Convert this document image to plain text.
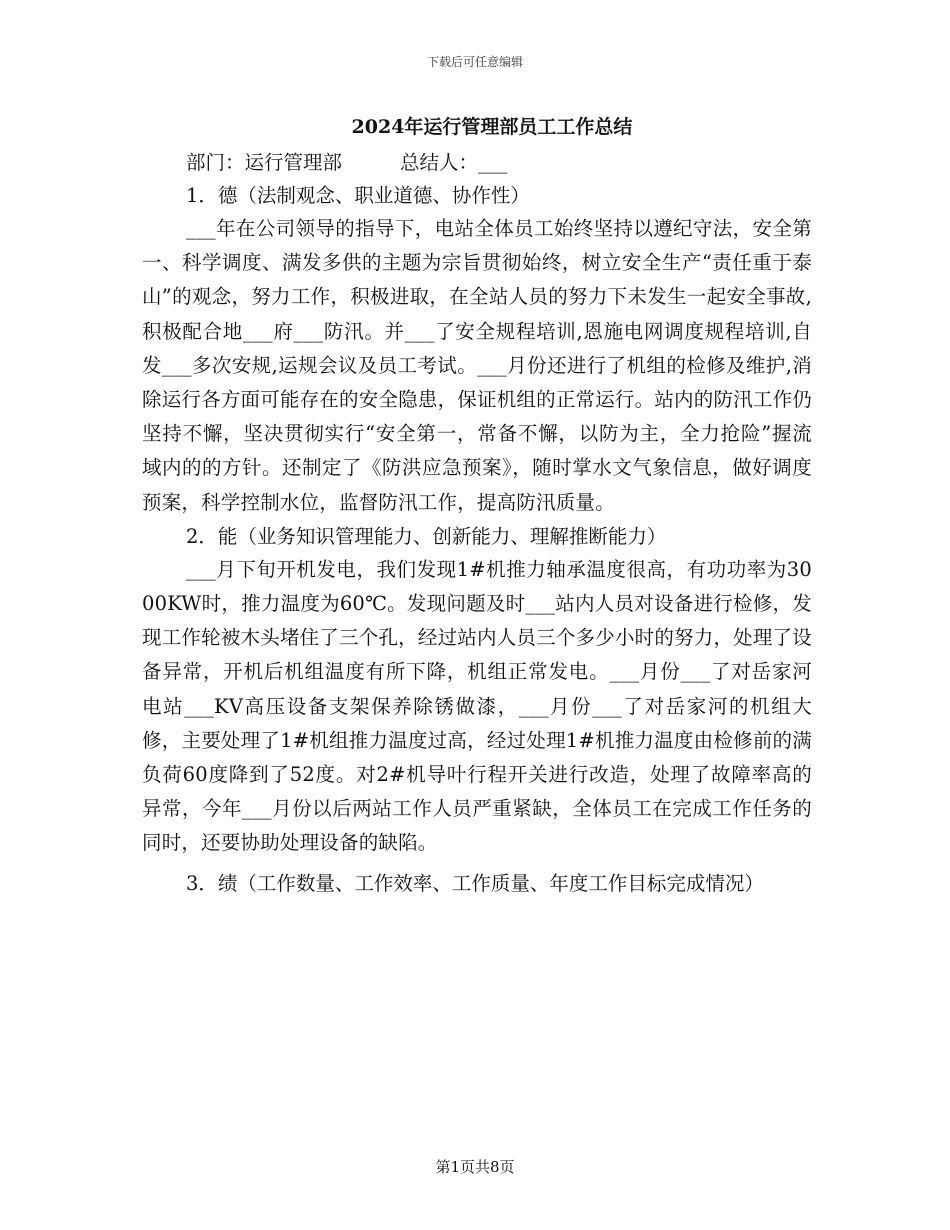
下载后可任意编辑
2024年运行管理部员工工作总结
部门：运行管理部	总结人：___
1．德（法制观念、职业道德、协作性）

___年在公司领导的指导下，电站全体员工始终坚持以遵纪守法，安全第一、科学调度、满发多供的主题为宗旨贯彻始终，树立安全生产“责任重于泰山”的观念，努力工作，积极进取，在全站人员的努力下未发生一起安全事故,积极配合地___府___防汛。并___了安全规程培训,恩施电网调度规程培训,自发___多次安规,运规会议及员工考试。___月份还进行了机组的检修及维护,消除运行各方面可能存在的安全隐患，保证机组的正常运行。站内的防汛工作仍坚持不懈，坚决贯彻实行“安全第一，常备不懈，以防为主，全力抢险”握流域内的的方针。还制定了《防洪应急预案》，随时掌水文气象信息，做好调度预案，科学控制水位，监督防汛工作，提高防汛质量。

2．能（业务知识管理能力、创新能力、理解推断能力）

___月下旬开机发电，我们发现1#机推力轴承温度很高，有功功率为3000KW时，推力温度为60℃。发现问题及时___站内人员对设备进行检修，发现工作轮被木头堵住了三个孔，经过站内人员三个多少小时的努力，处理了设备异常，开机后机组温度有所下降，机组正常发电。___月份___了对岳家河电站___KV高压设备支架保养除锈做漆，___月份___了对岳家河的机组大修，主要处理了1#机组推力温度过高，经过处理1#机推力温度由检修前的满负荷60度降到了52度。对2#机导叶行程开关进行改造，处理了故障率高的异常，今年___月份以后两站工作人员严重紧缺，全体员工在完成工作任务的同时，还要协助处理设备的缺陷。

3．绩（工作数量、工作效率、工作质量、年度工作目标完成情况）

第1页共8页
